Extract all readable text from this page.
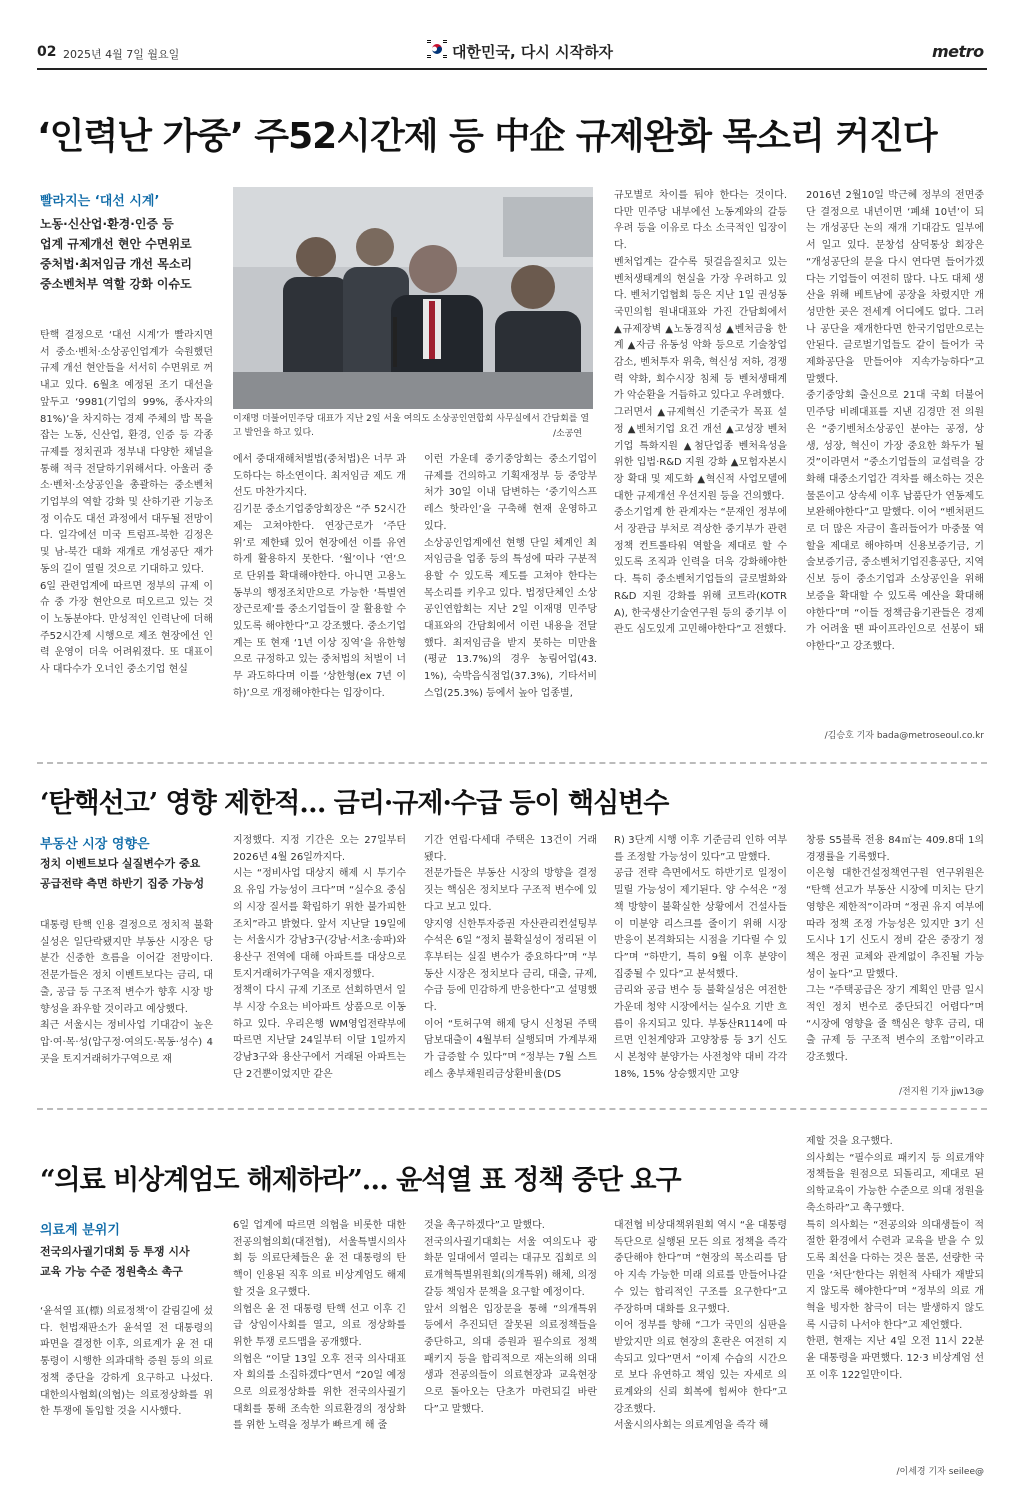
02 2025년 4월 7일 월요일	대한민국, 다시 시작하자	metro
‘인력난 가중’ 주52시간제 등 中企 규제완화 목소리 커진다
빨라지는 ‘대선 시계’
노동·신산업·환경·인증 등
업계 규제개선 현안 수면위로
중처법·최저임금 개선 목소리
중소벤처부 역할 강화 이슈도
이재명 더불어민주당 대표가 지난 2일 서울 여의도 소상공인연합회 사무실에서 간담회를 열고 발언을 하고 있다.	/소공연
탄핵 결정으로 ‘대선 시계’가 빨라지면서 중소·벤처·소상공인업계가 숙원했던 규제 개선 현안들을 서서히 수면위로 꺼내고 있다. 6월초 예정된 조기 대선을 앞두고 ‘9981(기업의 99%, 종사자의 81%)’을 차지하는 경제 주체의 밥 목을 잡는 노동, 신산업, 환경, 인증 등 각종 규제를 정치권과 정부내 다양한 채널을 통해 적극 전달하기위해서다. 아울러 중소·벤처·소상공인을 총괄하는 중소벤처기업부의 역할 강화 및 산하기관 기능조정 이슈도 대선 과정에서 대두될 전망이다. 일각에선 미국 트럼프-북한 김정은 및 남-북간 대화 재개로 개성공단 재가동의 길이 열릴 것으로 기대하고 있다.
6일 관련업계에 따르면 정부의 규제 이슈 중 가장 현안으로 떠오르고 있는 것이 노동분야다. 만성적인 인력난에 더해 주52시간제 시행으로 제조 현장에선 인력 운영이 더욱 어려워졌다. 또 대표이사 대다수가 오너인 중소기업 현실
에서 중대재해처벌법(중처법)은 너무 과도하다는 하소연이다. 최저임금 제도 개선도 마찬가지다.
김기문 중소기업중앙회장은 “주 52시간제는 고쳐야한다. 연장근로가 ‘주단위’로 제한돼 있어 현장에선 이를 유연하게 활용하지 못한다. ‘월’이나 ‘연’으로 단위를 확대해야한다. 아니면 고용노동부의 행정조치만으로 가능한 ‘특별연장근로제’를 중소기업들이 잘 활용할 수 있도록 해야한다”고 강조했다. 중소기업계는 또 현재 ‘1년 이상 징역’을 유한형으로 규정하고 있는 중처법의 처벌이 너무 과도하다며 이를 ‘상한형(ex 7년 이하)’으로 개정해야한다는 입장이다.
이런 가운데 중기중앙회는 중소기업이 규제를 건의하고 기획재정부 등 중앙부처가 30일 이내 답변하는 ‘중기익스프레스 핫라인’을 구축해 현재 운영하고 있다.
소상공인업계에선 현행 단일 체계인 최저임금을 업종 등의 특성에 따라 구분적용할 수 있도록 제도를 고쳐야 한다는 목소리를 키우고 있다. 법정단체인 소상공인연합회는 지난 2일 이재명 민주당 대표와의 간담회에서 이런 내용을 전달했다. 최저임금을 받지 못하는 미만율(평균 13.7%)의 경우 농림어업(43.1%), 숙박음식점업(37.3%), 기타서비스업(25.3%) 등에서 높아 업종별,
규모별로 차이를 둬야 한다는 것이다. 다만 민주당 내부에선 노동계와의 갈등 우려 등을 이유로 다소 소극적인 입장이다.
벤처업계는 갈수록 뒷걸음질치고 있는 벤처생태계의 현실을 가장 우려하고 있다. 벤처기업협회 등은 지난 1일 권성동 국민의힘 원내대표와 가진 간담회에서 ▲규제장벽 ▲노동경직성 ▲벤처금융 한계 ▲자금 유동성 악화 등으로 기술창업 감소, 벤처투자 위축, 혁신성 저하, 경쟁력 약화, 회수시장 침체 등 벤처생태계가 악순환을 거듭하고 있다고 우려했다.
그러면서 ▲규제혁신 기준국가 목표 설정 ▲벤처기업 요건 개선 ▲고성장 벤처기업 특화지원 ▲첨단업종 벤처육성을 위한 입법·R&D 지원 강화 ▲모험자본시장 확대 및 제도화 ▲혁신적 사업모델에 대한 규제개선 우선지원 등을 건의했다.
중소기업계 한 관계자는 “문재인 정부에서 장관급 부처로 격상한 중기부가 관련 정책 컨트롤타워 역할을 제대로 할 수 있도록 조직과 인력을 더욱 강화해야한다. 특히 중소벤처기업들의 글로벌화와 R&D 지원 강화를 위해 코트라(KOTRA), 한국생산기술연구원 등의 중기부 이관도 심도있게 고민해야한다”고 전했다.
2016년 2월10일 박근혜 정부의 전면중단 결정으로 내년이면 ‘폐쇄 10년’이 되는 개성공단 논의 재개 기대감도 일부에서 일고 있다. 문창섭 삼덕통상 회장은 “개성공단의 문을 다시 연다면 들어가겠다는 기업들이 여전히 많다. 나도 대체 생산을 위해 베트남에 공장을 차렸지만 개성만한 곳은 전세계 어디에도 없다. 그러나 공단을 재개한다면 한국기업만으로는 안된다. 글로벌기업들도 같이 들어가 국제화공단을 만들어야 지속가능하다”고 말했다.
중기중앙회 출신으로 21대 국회 더불어민주당 비례대표를 지낸 김경만 전 의원은 “중기벤처소상공인 분야는 공정, 상생, 성장, 혁신이 가장 중요한 화두가 될 것”이라면서 “중소기업들의 교섭력을 강화해 대중소기업간 격차를 해소하는 것은 물론이고 상속세 이후 납품단가 연동제도 보완해야한다”고 말했다. 이어 “벤처펀드로 더 많은 자금이 흘러들어가 마중물 역할을 제대로 해야하며 신용보증기금, 기술보증기금, 중소벤처기업진흥공단, 지역신보 등이 중소기업과 소상공인을 위해 보증을 확대할 수 있도록 예산을 확대해야한다”며 “이들 정책금융기관들은 경제가 어려울 땐 파이프라인으로 선봉이 돼야한다”고 강조했다.
/김승호 기자 bada@metroseoul.co.kr
‘탄핵선고’ 영향 제한적… 금리·규제·수급 등이 핵심변수
부동산 시장 영향은
정치 이벤트보다 실질변수가 중요
공급전략 측면 하반기 집중 가능성
대통령 탄핵 인용 결정으로 정치적 불확실성은 일단락됐지만 부동산 시장은 당분간 신중한 흐름을 이어갈 전망이다. 전문가들은 정치 이벤트보다는 금리, 대출, 공급 등 구조적 변수가 향후 시장 방향성을 좌우할 것이라고 예상했다.
최근 서울시는 정비사업 기대감이 높은 압·여·목·성(압구정·여의도·목동·성수) 4곳을 토지거래허가구역으로 재
지정했다. 지정 기간은 오는 27일부터 2026년 4월 26일까지다.
시는 “정비사업 대상지 해제 시 투기수요 유입 가능성이 크다”며 “실수요 중심의 시장 질서를 확립하기 위한 불가피한 조치”라고 밝혔다. 앞서 지난달 19일에는 서울시가 강남3구(강남·서초·송파)와 용산구 전역에 대해 아파트를 대상으로 토지거래허가구역을 재지정했다.
정책이 다시 규제 기조로 선회하면서 일부 시장 수요는 비아파트 상품으로 이동하고 있다. 우리은행 WM영업전략부에 따르면 지난달 24일부터 이달 1일까지 강남3구와 용산구에서 거래된 아파트는 단 2건뿐이었지만 같은
기간 연립·다세대 주택은 13건이 거래됐다.
전문가들은 부동산 시장의 방향을 결정짓는 핵심은 정치보다 구조적 변수에 있다고 보고 있다.
양지영 신한투자증권 자산관리컨설팅부 수석은 6일 “정치 불확실성이 정리된 이후부터는 실질 변수가 중요하다”며 “부동산 시장은 정치보다 금리, 대출, 규제, 수급 등에 민감하게 반응한다”고 설명했다.
이어 “토허구역 해제 당시 신청된 주택담보대출이 4월부터 실행되며 가계부채가 급증할 수 있다”며 “정부는 7월 스트레스 총부채원리금상환비율(DS
R) 3단계 시행 이후 기준금리 인하 여부를 조정할 가능성이 있다”고 말했다.
공급 전략 측면에서도 하반기로 일정이 밀릴 가능성이 제기된다. 양 수석은 “정책 방향이 불확실한 상황에서 건설사들이 미분양 리스크를 줄이기 위해 시장 반응이 본격화되는 시점을 기다릴 수 있다”며 “하반기, 특히 9월 이후 분양이 집중될 수 있다”고 분석했다.
금리와 공급 변수 등 불확실성은 여전한 가운데 청약 시장에서는 실수요 기반 흐름이 유지되고 있다. 부동산R114에 따르면 인천계양과 고양창릉 등 3기 신도시 본청약 분양가는 사전청약 대비 각각 18%, 15% 상승했지만 고양
창릉 S5블록 전용 84㎡는 409.8대 1의 경쟁률을 기록했다.
이은형 대한건설정책연구원 연구위원은 “탄핵 선고가 부동산 시장에 미치는 단기 영향은 제한적”이라며 “정권 유지 여부에 따라 정책 조정 가능성은 있지만 3기 신도시나 1기 신도시 정비 같은 중장기 정책은 정권 교체와 관계없이 추진될 가능성이 높다”고 말했다.
그는 “주택공급은 장기 계획인 만큼 일시적인 정치 변수로 중단되긴 어렵다”며 “시장에 영향을 줄 핵심은 향후 금리, 대출 규제 등 구조적 변수의 조합”이라고 강조했다.
/전지원 기자 jjw13@
“의료 비상계엄도 해제하라”… 윤석열 표 정책 중단 요구
의료계 분위기
전국의사궐기대회 등 투쟁 시사
교육 가능 수준 정원축소 촉구
‘윤석열 표(標) 의료정책’이 갈림길에 섰다. 헌법재판소가 윤석열 전 대통령의 파면을 결정한 이후, 의료계가 윤 전 대통령이 시행한 의과대학 증원 등의 의료정책 중단을 강하게 요구하고 나섰다. 대한의사협회(의협)는 의료정상화를 위한 투쟁에 돌입할 것을 시사했다.
6일 업계에 따르면 의협을 비롯한 대한전공의협의회(대전협), 서울특별시의사회 등 의료단체들은 윤 전 대통령의 탄핵이 인용된 직후 의료 비상계엄도 해제할 것을 요구했다.
의협은 윤 전 대통령 탄핵 선고 이후 긴급 상임이사회를 열고, 의료 정상화를 위한 투쟁 로드맵을 공개했다.
의협은 “이달 13일 오후 전국 의사대표자 회의를 소집하겠다”면서 “20일 예정으로 의료정상화를 위한 전국의사궐기대회를 통해 조속한 의료환경의 정상화를 위한 노력을 정부가 빠르게 해 줄
것을 촉구하겠다”고 말했다.
전국의사궐기대회는 서울 여의도나 광화문 일대에서 열리는 대규모 집회로 의료개혁특별위원회(의개특위) 해체, 의정갈등 책임자 문책을 요구할 예정이다.
앞서 의협은 입장문을 통해 “의개특위 등에서 추진되던 잘못된 의료정책들을 중단하고, 의대 증원과 필수의료 정책 패키지 등을 합리적으로 재논의해 의대생과 전공의들이 의료현장과 교육현장으로 돌아오는 단초가 마련되길 바란다”고 말했다.
대전협 비상대책위원회 역시 “윤 대통령 독단으로 실행된 모든 의료 정책을 즉각 중단해야 한다”며 “현장의 목소리를 담아 지속 가능한 미래 의료를 만들어나갈 수 있는 합리적인 구조를 요구한다”고 주장하며 대화를 요구했다.
이어 정부를 향해 “그가 국민의 심판을 받았지만 의료 현장의 혼란은 여전히 지속되고 있다”면서 “이제 수습의 시간으로 보다 유연하고 책임 있는 자세로 의료계와의 신뢰 회복에 힘써야 한다”고 강조했다.
서울시의사회는 의료계엄을 즉각 해
제할 것을 요구했다.
의사회는 “필수의료 패키지 등 의료개약 정책들을 원점으로 되돌리고, 제대로 된 의학교육이 가능한 수준으로 의대 정원을 축소하라”고 촉구했다.
특히 의사회는 “전공의와 의대생들이 적절한 환경에서 수련과 교육을 받을 수 있도록 최선을 다하는 것은 물론, 선량한 국민을 ‘처단’한다는 위헌적 사태가 재발되지 않도록 해야한다”며 “정부의 의료 개혁을 빙자한 참극이 더는 발생하지 않도록 시급히 나서야 한다”고 제언했다.
한편, 현재는 지난 4일 오전 11시 22분 윤 대통령을 파면했다. 12·3 비상계엄 선포 이후 122일만이다.
/이세경 기자 seilee@
